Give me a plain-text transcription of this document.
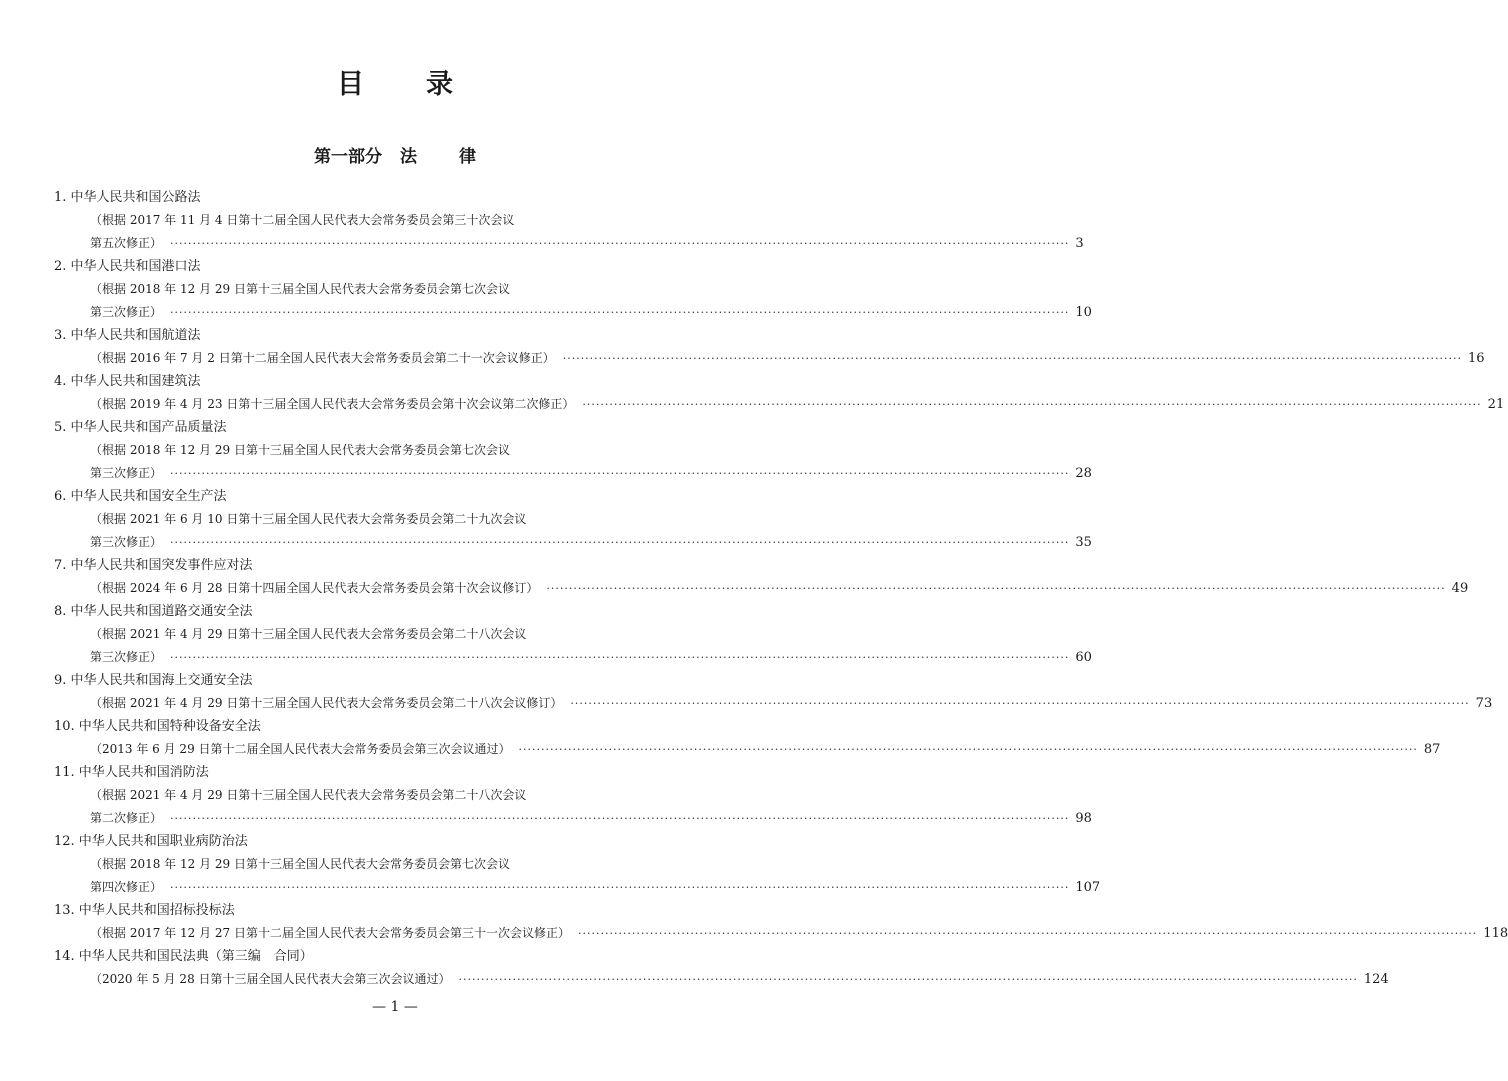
目 录
第一部分 法 律
1. 中华人民共和国公路法
（根据 2017 年 11 月 4 日第十二届全国人民代表大会常务委员会第三十次会议
第五次修正） ········································································································································································································ 3
2. 中华人民共和国港口法
（根据 2018 年 12 月 29 日第十三届全国人民代表大会常务委员会第七次会议
第三次修正） ········································································································································································································ 10
3. 中华人民共和国航道法
（根据 2016 年 7 月 2 日第十二届全国人民代表大会常务委员会第二十一次会议修正） ········································································································································································································ 16
4. 中华人民共和国建筑法
（根据 2019 年 4 月 23 日第十三届全国人民代表大会常务委员会第十次会议第二次修正） ········································································································································································································ 21
5. 中华人民共和国产品质量法
（根据 2018 年 12 月 29 日第十三届全国人民代表大会常务委员会第七次会议
第三次修正） ········································································································································································································ 28
6. 中华人民共和国安全生产法
（根据 2021 年 6 月 10 日第十三届全国人民代表大会常务委员会第二十九次会议
第三次修正） ········································································································································································································ 35
7. 中华人民共和国突发事件应对法
（根据 2024 年 6 月 28 日第十四届全国人民代表大会常务委员会第十次会议修订） ········································································································································································································ 49
8. 中华人民共和国道路交通安全法
（根据 2021 年 4 月 29 日第十三届全国人民代表大会常务委员会第二十八次会议
第三次修正） ········································································································································································································ 60
9. 中华人民共和国海上交通安全法
（根据 2021 年 4 月 29 日第十三届全国人民代表大会常务委员会第二十八次会议修订） ········································································································································································································ 73
10. 中华人民共和国特种设备安全法
（2013 年 6 月 29 日第十二届全国人民代表大会常务委员会第三次会议通过） ········································································································································································································ 87
11. 中华人民共和国消防法
（根据 2021 年 4 月 29 日第十三届全国人民代表大会常务委员会第二十八次会议
第二次修正） ········································································································································································································ 98
12. 中华人民共和国职业病防治法
（根据 2018 年 12 月 29 日第十三届全国人民代表大会常务委员会第七次会议
第四次修正） ········································································································································································································ 107
13. 中华人民共和国招标投标法
（根据 2017 年 12 月 27 日第十二届全国人民代表大会常务委员会第三十一次会议修正） ········································································································································································································ 118
14. 中华人民共和国民法典（第三编　合同）
（2020 年 5 月 28 日第十三届全国人民代表大会第三次会议通过） ········································································································································································································ 124
— 1 —
